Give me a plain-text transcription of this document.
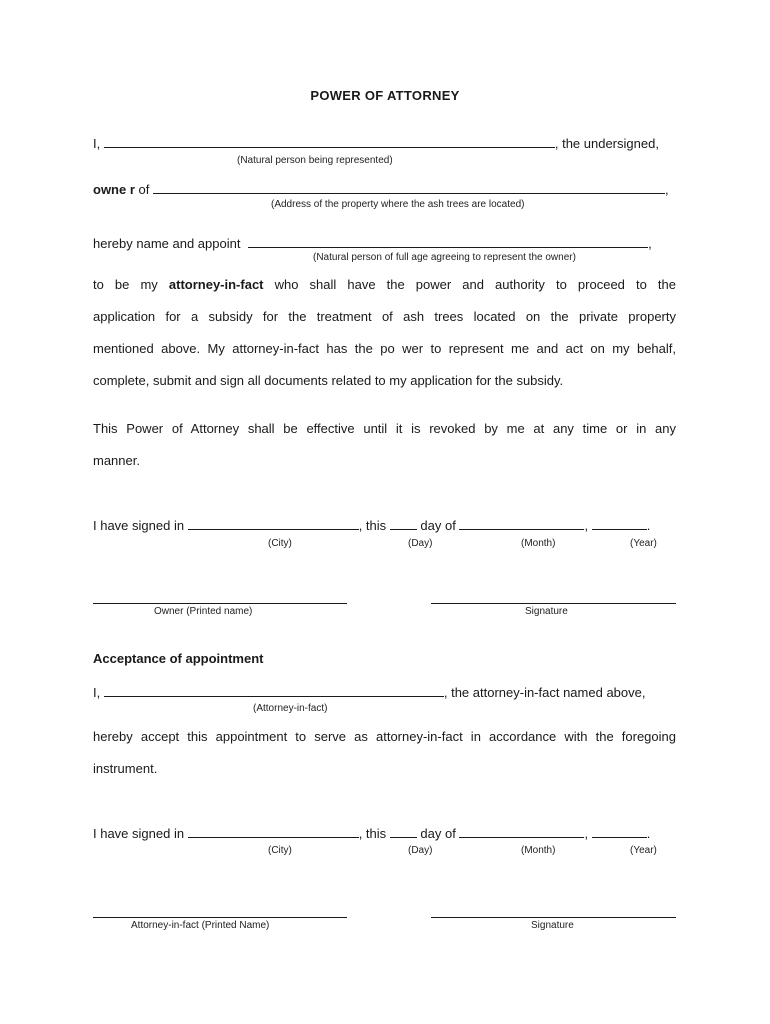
POWER OF ATTORNEY
I,	, the undersigned,
(Natural person being represented)
owne r of	,
(Address of the property where the ash trees are located)
hereby name and appoint	,
(Natural person of full age agreeing to represent the owner)
to be my attorney-in-fact who shall have the power and authority to proceed to the
application for a subsidy for the treatment of ash trees located on the private property
mentioned above. My attorney-in-fact has the po wer to represent me and act on my behalf,
complete, submit and sign all documents related to my application for the subsidy.
This Power of Attorney shall be effective until it is revoked by me at any time or in any
manner.
I have signed in	, this	day of	,	.
(City)	(Day)	(Month)	(Year)
Owner (Printed name)	Signature
Acceptance of appointment
I,	, the attorney-in-fact named above,
(Attorney-in-fact)
hereby accept this appointment to serve as attorney-in-fact in accordance with the foregoing
instrument.
I have signed in	, this	day of	,	.
(City)	(Day)	(Month)	(Year)
Attorney-in-fact (Printed Name)	Signature
